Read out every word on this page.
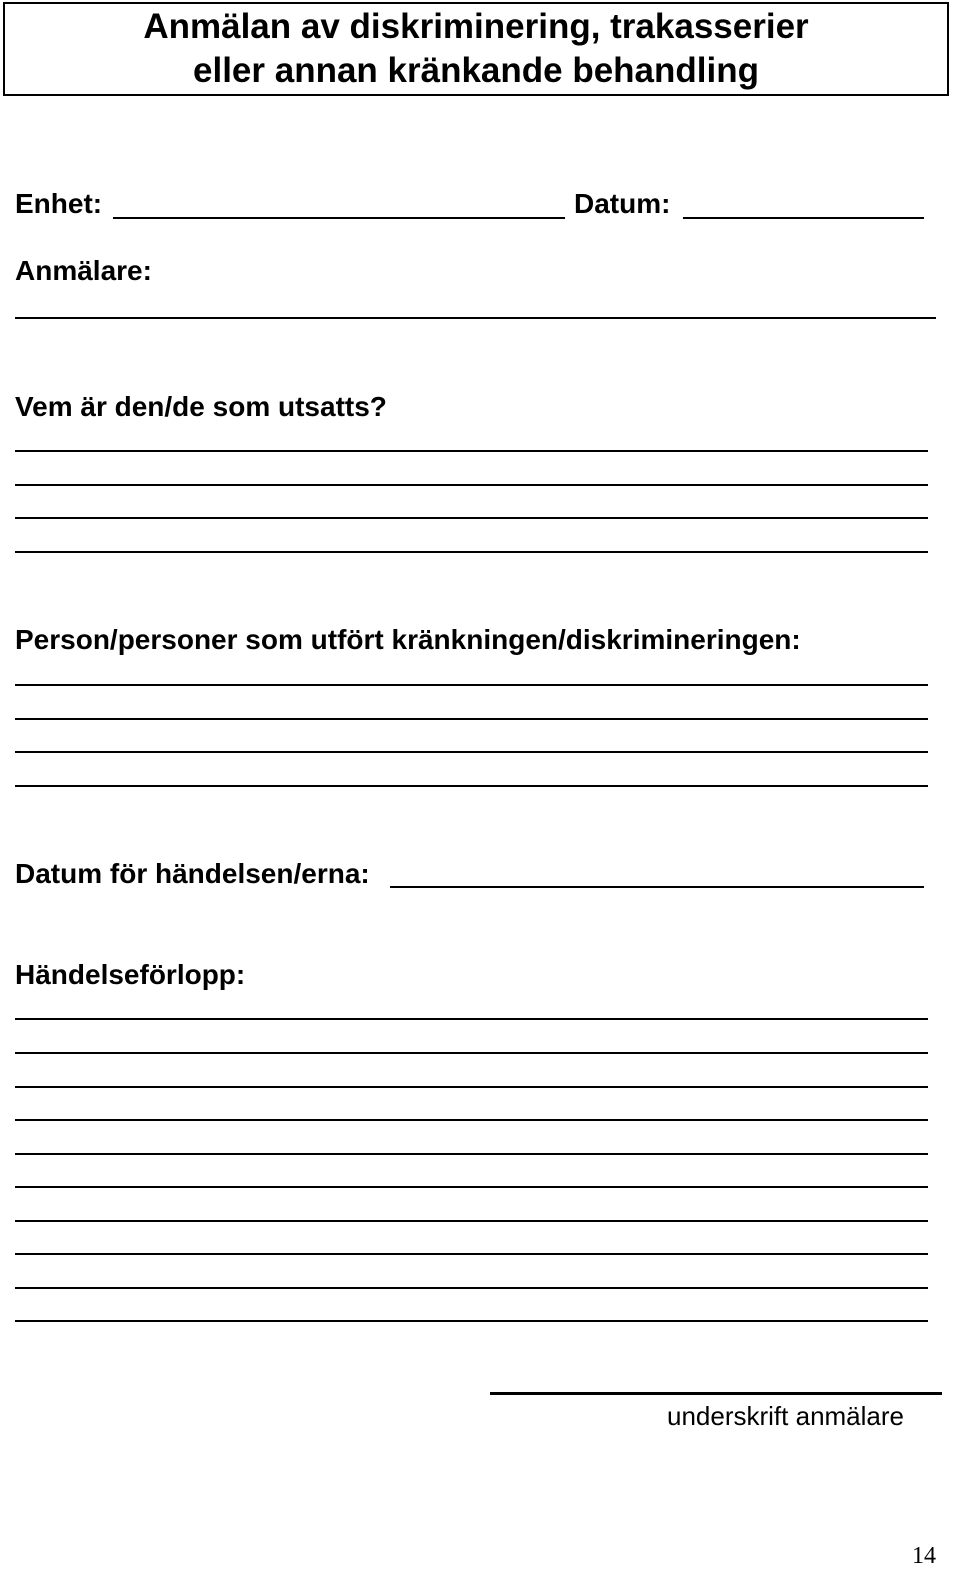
Anmälan av diskriminering, trakasserier
eller annan kränkande behandling
Enhet:	Datum:
Anmälare:
Vem är den/de som utsatts?
Person/personer som utfört kränkningen/diskrimineringen:
Datum för händelsen/erna:
Händelseförlopp:
underskrift anmälare
14
